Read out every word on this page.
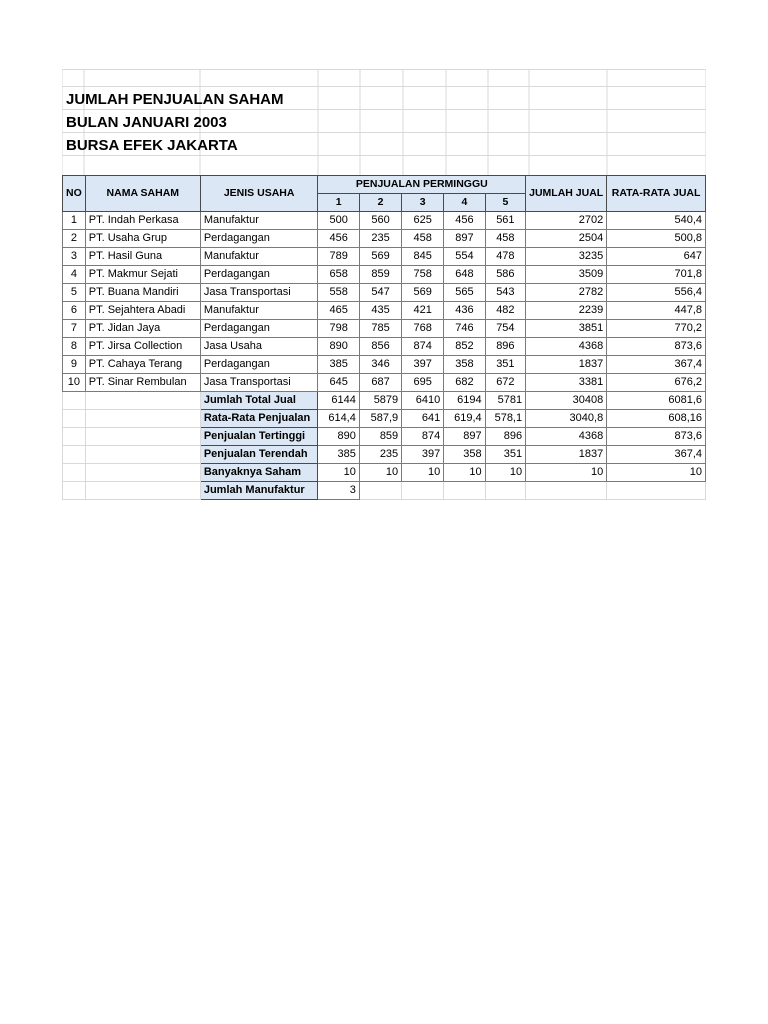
JUMLAH PENJUALAN SAHAM
BULAN JANUARI 2003
BURSA EFEK JAKARTA
NO	NAMA SAHAM	JENIS USAHA	PENJUALAN PERMINGGU					JUMLAH JUAL	RATA-RATA JUAL
			1	2	3	4	5		
1	PT. Indah Perkasa	Manufaktur	500	560	625	456	561	2702	540,4
2	PT. Usaha Grup	Perdagangan	456	235	458	897	458	2504	500,8
3	PT. Hasil Guna	Manufaktur	789	569	845	554	478	3235	647
4	PT. Makmur Sejati	Perdagangan	658	859	758	648	586	3509	701,8
5	PT. Buana Mandiri	Jasa Transportasi	558	547	569	565	543	2782	556,4
6	PT. Sejahtera Abadi	Manufaktur	465	435	421	436	482	2239	447,8
7	PT. Jidan Jaya	Perdagangan	798	785	768	746	754	3851	770,2
8	PT. Jirsa Collection	Jasa Usaha	890	856	874	852	896	4368	873,6
9	PT. Cahaya Terang	Perdagangan	385	346	397	358	351	1837	367,4
10	PT. Sinar Rembulan	Jasa Transportasi	645	687	695	682	672	3381	676,2
		Jumlah Total Jual	6144	5879	6410	6194	5781	30408	6081,6
		Rata-Rata Penjualan	614,4	587,9	641	619,4	578,1	3040,8	608,16
		Penjualan Tertinggi	890	859	874	897	896	4368	873,6
		Penjualan Terendah	385	235	397	358	351	1837	367,4
		Banyaknya Saham	10	10	10	10	10	10	10
		Jumlah Manufaktur	3						
